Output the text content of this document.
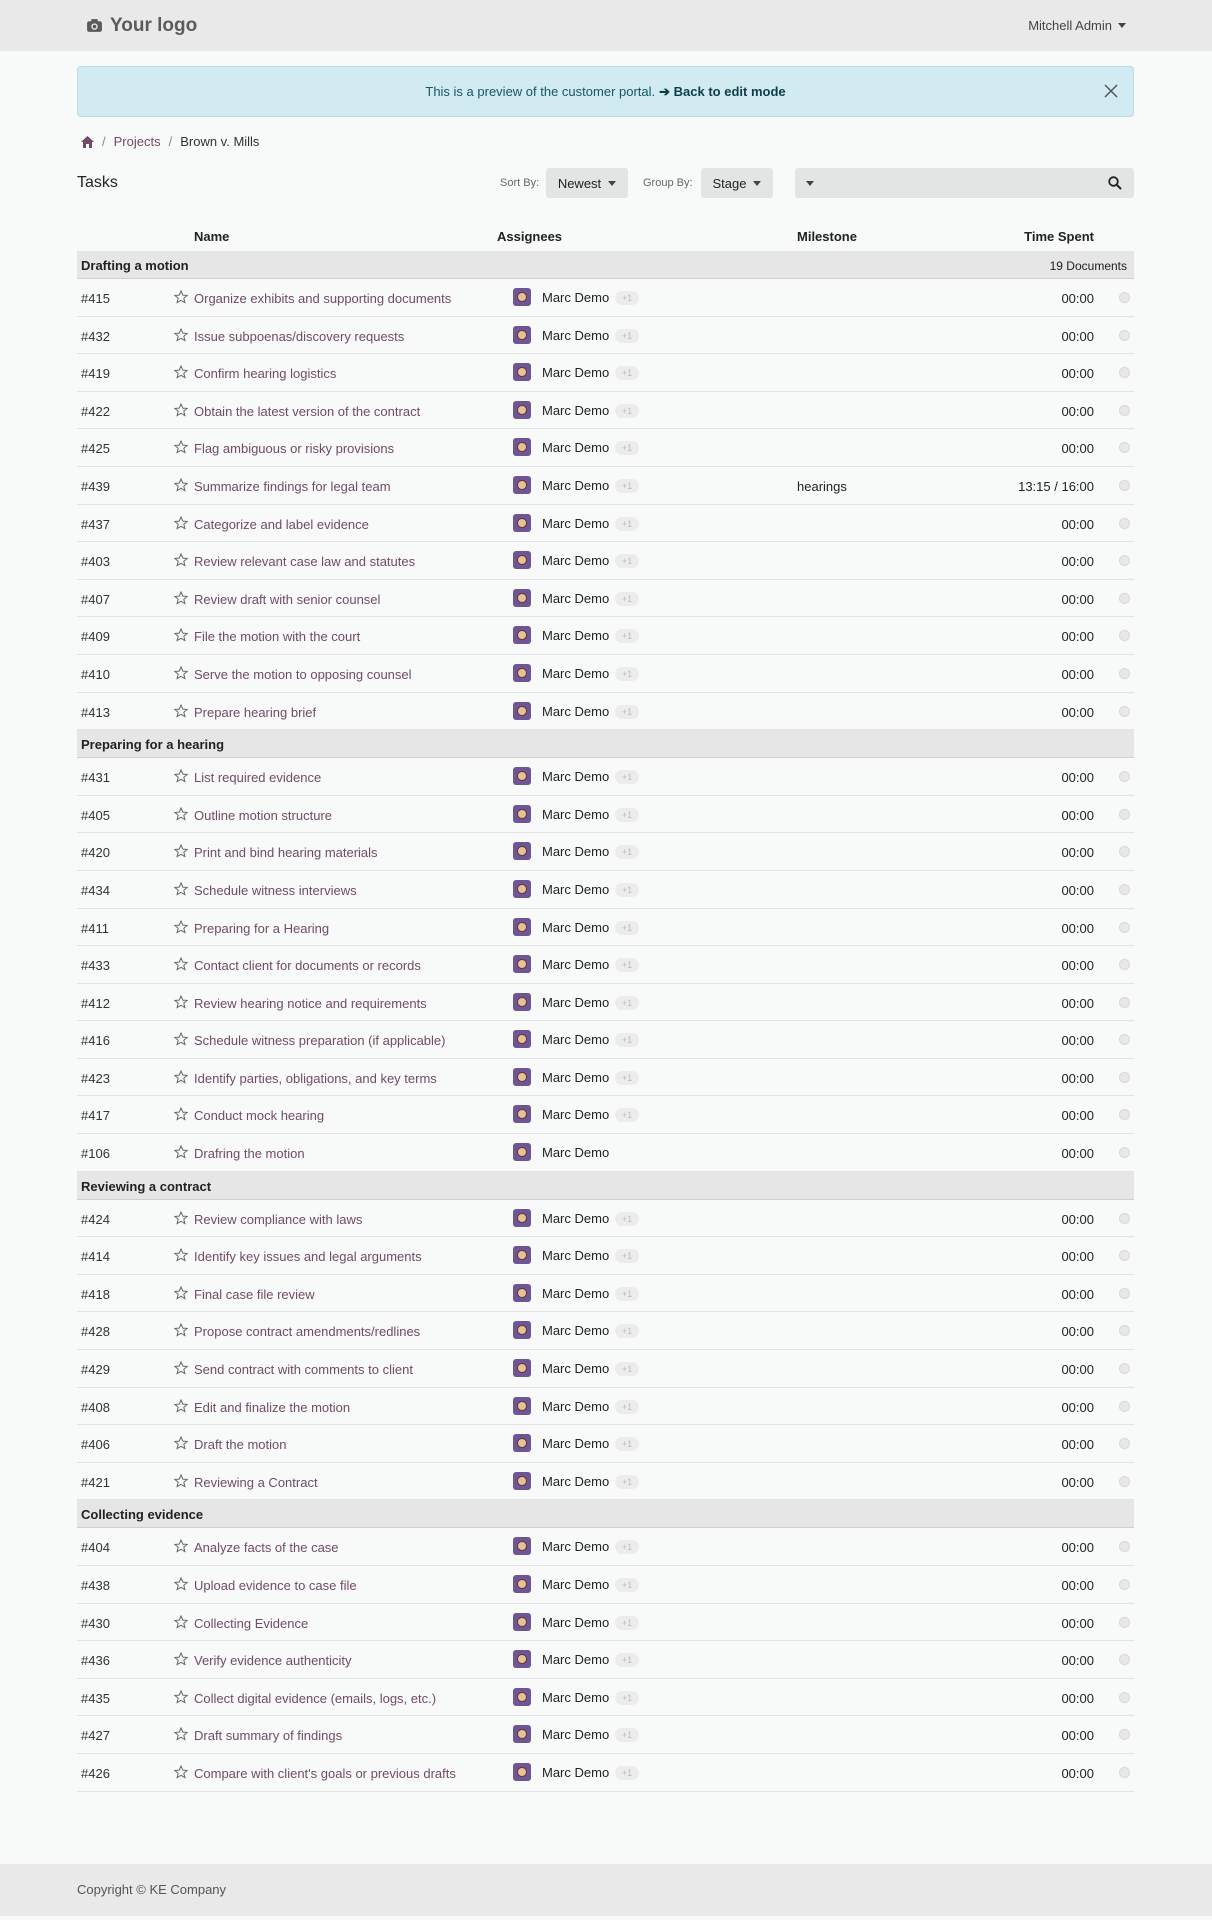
Your logo	Mitchell Admin
This is a preview of the customer portal. ➔ Back to edit mode
/ Projects / Brown v. Mills
Tasks	Sort By: Newest	Group By: Stage
Name	Assignees	Milestone	Time Spent
Drafting a motion	19 Documents
#415	Organize exhibits and supporting documents	Marc Demo	+1	00:00
#432	Issue subpoenas/discovery requests	Marc Demo	+1	00:00
#419	Confirm hearing logistics	Marc Demo	+1	00:00
#422	Obtain the latest version of the contract	Marc Demo	+1	00:00
#425	Flag ambiguous or risky provisions	Marc Demo	+1	00:00
#439	Summarize findings for legal team	Marc Demo	+1	hearings	13:15 / 16:00
#437	Categorize and label evidence	Marc Demo	+1	00:00
#403	Review relevant case law and statutes	Marc Demo	+1	00:00
#407	Review draft with senior counsel	Marc Demo	+1	00:00
#409	File the motion with the court	Marc Demo	+1	00:00
#410	Serve the motion to opposing counsel	Marc Demo	+1	00:00
#413	Prepare hearing brief	Marc Demo	+1	00:00
Preparing for a hearing
#431	List required evidence	Marc Demo	+1	00:00
#405	Outline motion structure	Marc Demo	+1	00:00
#420	Print and bind hearing materials	Marc Demo	+1	00:00
#434	Schedule witness interviews	Marc Demo	+1	00:00
#411	Preparing for a Hearing	Marc Demo	+1	00:00
#433	Contact client for documents or records	Marc Demo	+1	00:00
#412	Review hearing notice and requirements	Marc Demo	+1	00:00
#416	Schedule witness preparation (if applicable)	Marc Demo	+1	00:00
#423	Identify parties, obligations, and key terms	Marc Demo	+1	00:00
#417	Conduct mock hearing	Marc Demo	+1	00:00
#106	Drafring the motion	Marc Demo	00:00
Reviewing a contract
#424	Review compliance with laws	Marc Demo	+1	00:00
#414	Identify key issues and legal arguments	Marc Demo	+1	00:00
#418	Final case file review	Marc Demo	+1	00:00
#428	Propose contract amendments/redlines	Marc Demo	+1	00:00
#429	Send contract with comments to client	Marc Demo	+1	00:00
#408	Edit and finalize the motion	Marc Demo	+1	00:00
#406	Draft the motion	Marc Demo	+1	00:00
#421	Reviewing a Contract	Marc Demo	+1	00:00
Collecting evidence
#404	Analyze facts of the case	Marc Demo	+1	00:00
#438	Upload evidence to case file	Marc Demo	+1	00:00
#430	Collecting Evidence	Marc Demo	+1	00:00
#436	Verify evidence authenticity	Marc Demo	+1	00:00
#435	Collect digital evidence (emails, logs, etc.)	Marc Demo	+1	00:00
#427	Draft summary of findings	Marc Demo	+1	00:00
#426	Compare with client's goals or previous drafts	Marc Demo	+1	00:00
Copyright © KE Company
